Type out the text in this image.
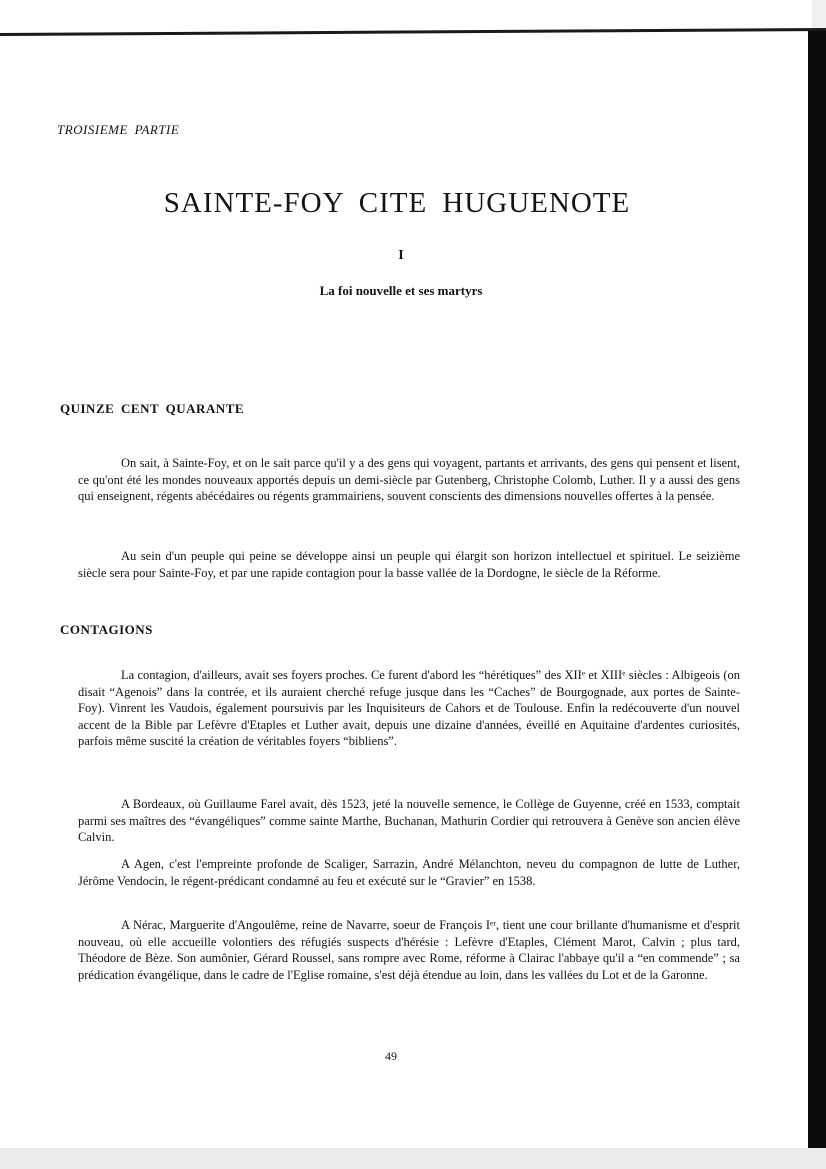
TROISIEME PARTIE
SAINTE-FOY CITE HUGUENOTE
I
La foi nouvelle et ses martyrs
QUINZE CENT QUARANTE

On sait, à Sainte-Foy, et on le sait parce qu'il y a des gens qui voyagent, partants et arrivants, des gens qui pensent et lisent, ce qu'ont été les mondes nouveaux apportés depuis un demi-siècle par Gutenberg, Christophe Colomb, Luther. Il y a aussi des gens qui enseignent, régents abécédaires ou régents grammairiens, souvent conscients des dimensions nouvelles offertes à la pensée.

Au sein d'un peuple qui peine se développe ainsi un peuple qui élargit son horizon intellectuel et spirituel. Le seizième siècle sera pour Sainte-Foy, et par une rapide contagion pour la basse vallée de la Dordogne, le siècle de la Réforme.

CONTAGIONS

La contagion, d'ailleurs, avait ses foyers proches. Ce furent d'abord les “hérétiques” des XIIᵉ et XIIIᵉ siècles : Albigeois (on disait “Agenois” dans la contrée, et ils auraient cherché refuge jusque dans les “Caches” de Bourgognade, aux portes de Sainte-Foy). Vinrent les Vaudois, également poursuivis par les Inquisiteurs de Cahors et de Toulouse. Enfin la redécouverte d'un nouvel accent de la Bible par Lefèvre d'Etaples et Luther avait, depuis une dizaine d'années, éveillé en Aquitaine d'ardentes curiosités, parfois même suscité la création de véritables foyers “bibliens”.

A Bordeaux, où Guillaume Farel avait, dès 1523, jeté la nouvelle semence, le Collège de Guyenne, créé en 1533, comptait parmi ses maîtres des “évangéliques” comme sainte Marthe, Buchanan, Mathurin Cordier qui retrouvera à Genève son ancien élève Calvin.

A Agen, c'est l'empreinte profonde de Scaliger, Sarrazin, André Mélanchton, neveu du compagnon de lutte de Luther, Jérôme Vendocin, le régent-prédicant condamné au feu et exécuté sur le “Gravier” en 1538.

A Nérac, Marguerite d'Angoulême, reine de Navarre, soeur de François Iᵉʳ, tient une cour brillante d'humanisme et d'esprit nouveau, où elle accueille volontiers des réfugiés suspects d'hérésie : Lefèvre d'Etaples, Clément Marot, Calvin ; plus tard, Théodore de Bèze. Son aumônier, Gérard Roussel, sans rompre avec Rome, réforme à Clairac l'abbaye qu'il a “en commende” ; sa prédication évangélique, dans le cadre de l'Eglise romaine, s'est déjà étendue au loin, dans les vallées du Lot et de la Garonne.

49
